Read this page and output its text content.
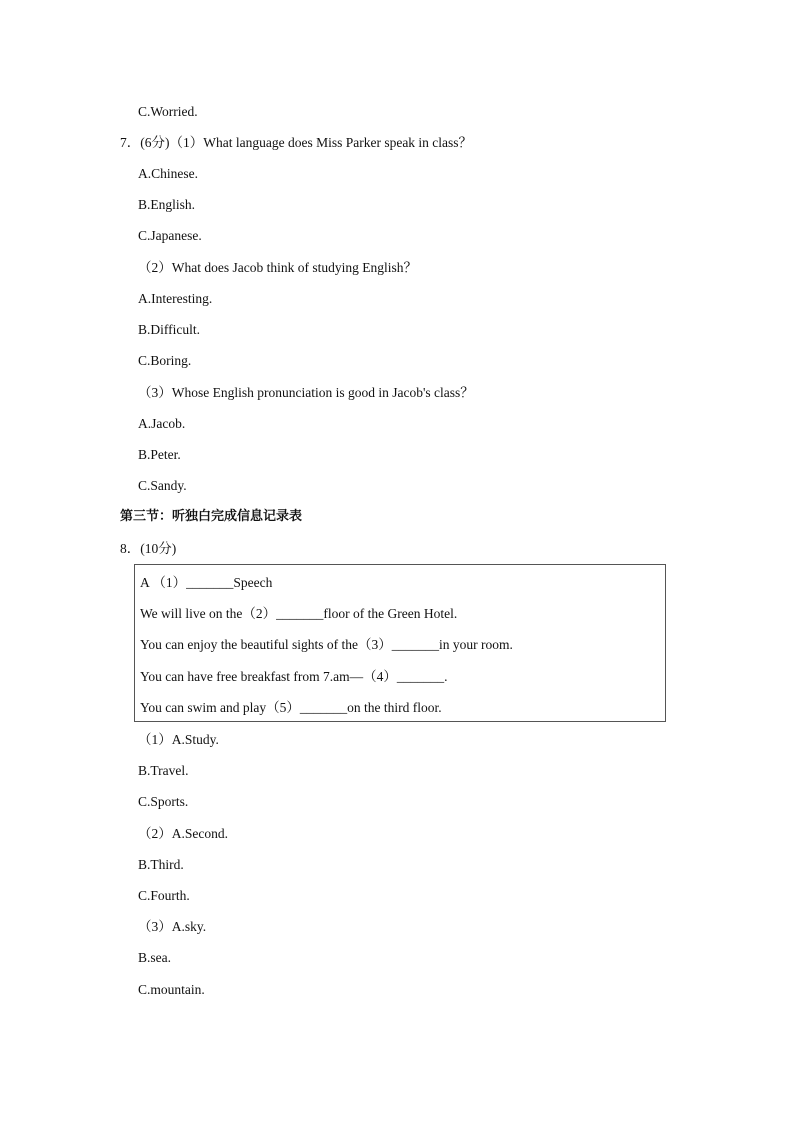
C.Worried.
7．(6分)（1）What language does Miss Parker speak in class？
A.Chinese.
B.English.
C.Japanese.
（2）What does Jacob think of studying English？
A.Interesting.
B.Difficult.
C.Boring.
（3）Whose English pronunciation is good in Jacob's class？
A.Jacob.
B.Peter.
C.Sandy.
第三节：听独白完成信息记录表
8．(10分)
A （1）_______Speech
We will live on the（2）_______floor of the Green Hotel.
You can enjoy the beautiful sights of the（3）_______in your room.
You can have free breakfast from 7.am—（4）_______.
You can swim and play（5）_______on the third floor.
（1）A.Study.
B.Travel.
C.Sports.
（2）A.Second.
B.Third.
C.Fourth.
（3）A.sky.
B.sea.
C.mountain.
